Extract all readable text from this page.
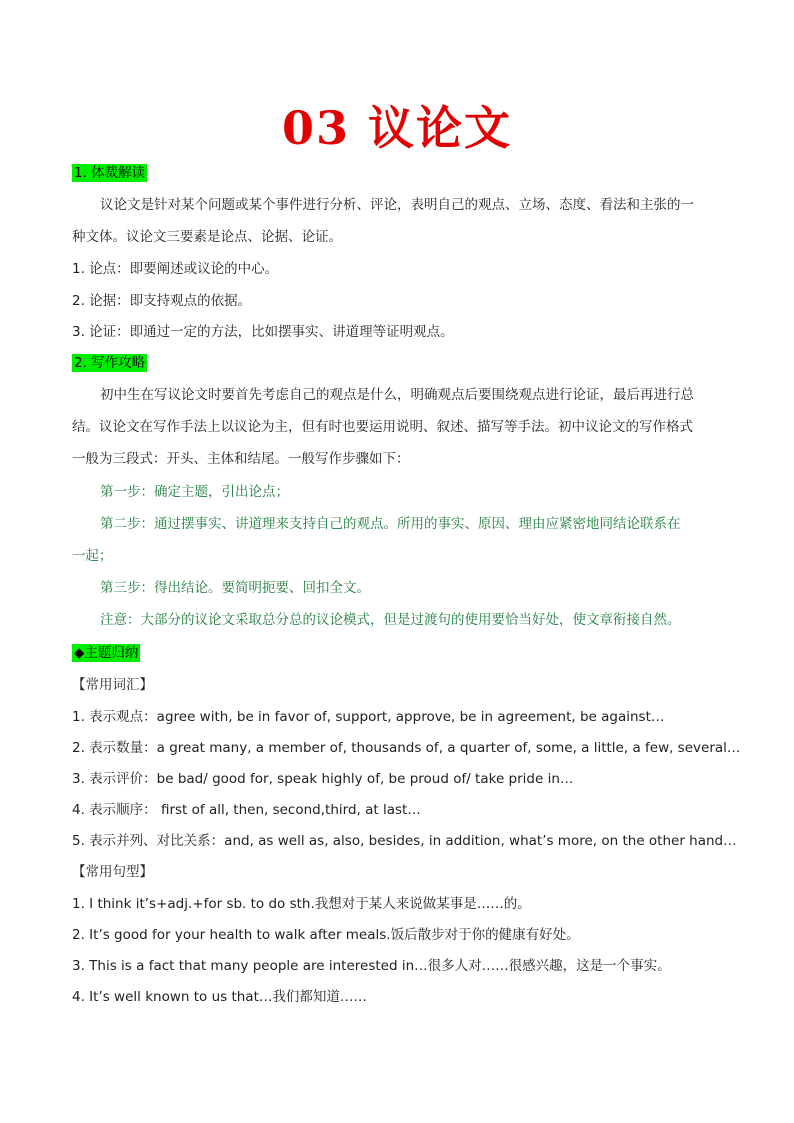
03 议论文
1. 体裁解读
议论文是针对某个问题或某个事件进行分析、评论，表明自己的观点、立场、态度、看法和主张的一
种文体。议论文三要素是论点、论据、论证。
1. 论点：即要阐述或议论的中心。
2. 论据：即支持观点的依据。
3. 论证：即通过一定的方法，比如摆事实、讲道理等证明观点。
2. 写作攻略
初中生在写议论文时要首先考虑自己的观点是什么，明确观点后要围绕观点进行论证，最后再进行总
结。议论文在写作手法上以议论为主，但有时也要运用说明、叙述、描写等手法。初中议论文的写作格式
一般为三段式：开头、主体和结尾。一般写作步骤如下：
第一步：确定主题，引出论点；
第二步：通过摆事实、讲道理来支持自己的观点。所用的事实、原因、理由应紧密地同结论联系在
一起；
第三步：得出结论。要简明扼要、回扣全文。
注意：大部分的议论文采取总分总的议论模式，但是过渡句的使用要恰当好处，使文章衔接自然。
◆主题归纳
【常用词汇】
1. 表示观点：agree with, be in favor of, support, approve, be in agreement, be against…
2. 表示数量：a great many, a member of, thousands of, a quarter of, some, a little, a few, several…
3. 表示评价：be bad/ good for, speak highly of, be proud of/ take pride in…
4. 表示顺序： first of all, then, second,third, at last…
5. 表示并列、对比关系：and, as well as, also, besides, in addition, what’s more, on the other hand…
【常用句型】
1. I think it’s+adj.+for sb. to do sth.我想对于某人来说做某事是……的。
2. It’s good for your health to walk after meals.饭后散步对于你的健康有好处。
3. This is a fact that many people are interested in…很多人对……很感兴趣，这是一个事实。
4. It’s well known to us that…我们都知道……
